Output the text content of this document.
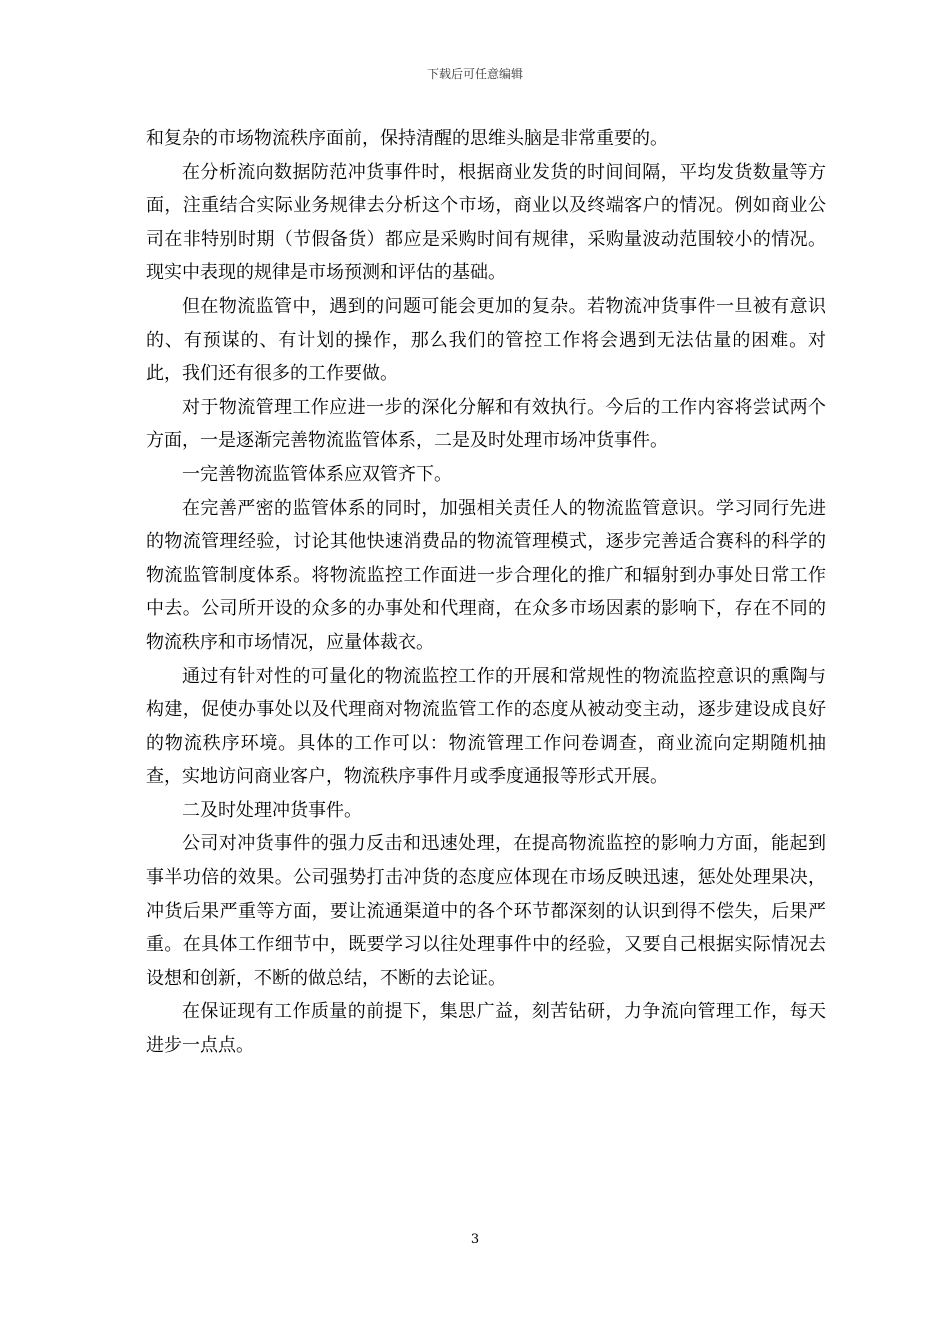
下载后可任意编辑

和复杂的市场物流秩序面前，保持清醒的思维头脑是非常重要的。

在分析流向数据防范冲货事件时，根据商业发货的时间间隔，平均发货数量等方面，注重结合实际业务规律去分析这个市场，商业以及终端客户的情况。例如商业公司在非特别时期（节假备货）都应是采购时间有规律，采购量波动范围较小的情况。现实中表现的规律是市场预测和评估的基础。

但在物流监管中，遇到的问题可能会更加的复杂。若物流冲货事件一旦被有意识的、有预谋的、有计划的操作，那么我们的管控工作将会遇到无法估量的困难。对此，我们还有很多的工作要做。

对于物流管理工作应进一步的深化分解和有效执行。今后的工作内容将尝试两个方面，一是逐渐完善物流监管体系，二是及时处理市场冲货事件。

一完善物流监管体系应双管齐下。

在完善严密的监管体系的同时，加强相关责任人的物流监管意识。学习同行先进的物流管理经验，讨论其他快速消费品的物流管理模式，逐步完善适合赛科的科学的物流监管制度体系。将物流监控工作面进一步合理化的推广和辐射到办事处日常工作中去。公司所开设的众多的办事处和代理商，在众多市场因素的影响下，存在不同的物流秩序和市场情况，应量体裁衣。

通过有针对性的可量化的物流监控工作的开展和常规性的物流监控意识的熏陶与构建，促使办事处以及代理商对物流监管工作的态度从被动变主动，逐步建设成良好的物流秩序环境。具体的工作可以：物流管理工作问卷调查，商业流向定期随机抽查，实地访问商业客户，物流秩序事件月或季度通报等形式开展。

二及时处理冲货事件。

公司对冲货事件的强力反击和迅速处理，在提高物流监控的影响力方面，能起到事半功倍的效果。公司强势打击冲货的态度应体现在市场反映迅速，惩处处理果决，冲货后果严重等方面，要让流通渠道中的各个环节都深刻的认识到得不偿失，后果严重。在具体工作细节中，既要学习以往处理事件中的经验，又要自己根据实际情况去设想和创新，不断的做总结，不断的去论证。

在保证现有工作质量的前提下，集思广益，刻苦钻研，力争流向管理工作，每天进步一点点。

3
